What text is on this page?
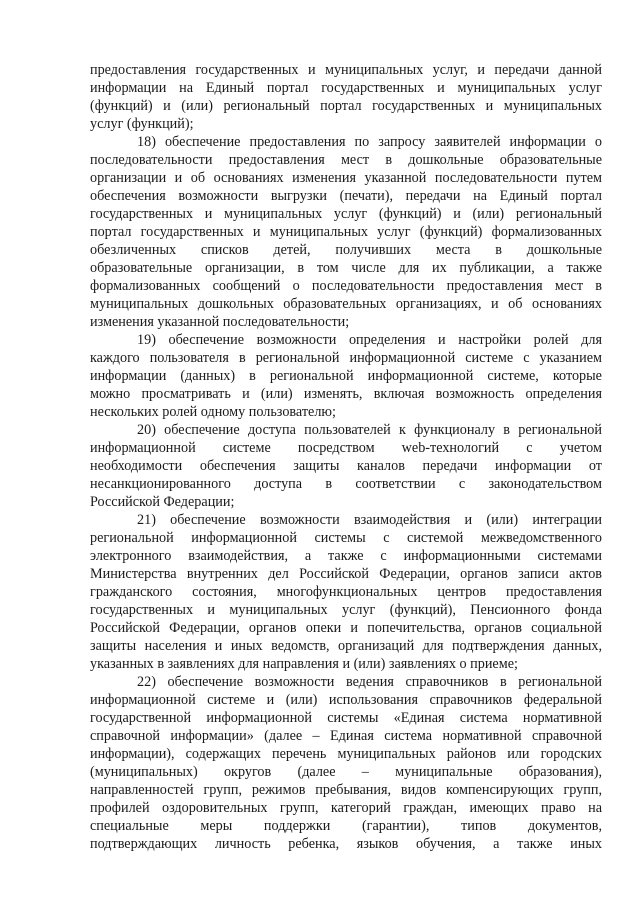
предоставления государственных и муниципальных услуг, и передачи данной
информации на Единый портал государственных и муниципальных услуг
(функций) и (или) региональный портал государственных и муниципальных
услуг (функций);
18) обеспечение предоставления по запросу заявителей информации о
последовательности предоставления мест в дошкольные образовательные
организации и об основаниях изменения указанной последовательности путем
обеспечения возможности выгрузки (печати), передачи на Единый портал
государственных и муниципальных услуг (функций) и (или) региональный
портал государственных и муниципальных услуг (функций) формализованных
обезличенных списков детей, получивших места в дошкольные
образовательные организации, в том числе для их публикации, а также
формализованных сообщений о последовательности предоставления мест в
муниципальных дошкольных образовательных организациях, и об основаниях
изменения указанной последовательности;
19) обеспечение возможности определения и настройки ролей для
каждого пользователя в региональной информационной системе с указанием
информации (данных) в региональной информационной системе, которые
можно просматривать и (или) изменять, включая возможность определения
нескольких ролей одному пользователю;
20) обеспечение доступа пользователей к функционалу в региональной
информационной системе посредством web-технологий с учетом
необходимости обеспечения защиты каналов передачи информации от
несанкционированного доступа в соответствии с законодательством
Российской Федерации;
21) обеспечение возможности взаимодействия и (или) интеграции
региональной информационной системы с системой межведомственного
электронного взаимодействия, а также с информационными системами
Министерства внутренних дел Российской Федерации, органов записи актов
гражданского состояния, многофункциональных центров предоставления
государственных и муниципальных услуг (функций), Пенсионного фонда
Российской Федерации, органов опеки и попечительства, органов социальной
защиты населения и иных ведомств, организаций для подтверждения данных,
указанных в заявлениях для направления и (или) заявлениях о приеме;
22) обеспечение возможности ведения справочников в региональной
информационной системе и (или) использования справочников федеральной
государственной информационной системы «Единая система нормативной
справочной информации» (далее – Единая система нормативной справочной
информации), содержащих перечень муниципальных районов или городских
(муниципальных) округов (далее – муниципальные образования),
направленностей групп, режимов пребывания, видов компенсирующих групп,
профилей оздоровительных групп, категорий граждан, имеющих право на
специальные меры поддержки (гарантии), типов документов,
подтверждающих личность ребенка, языков обучения, а также иных
